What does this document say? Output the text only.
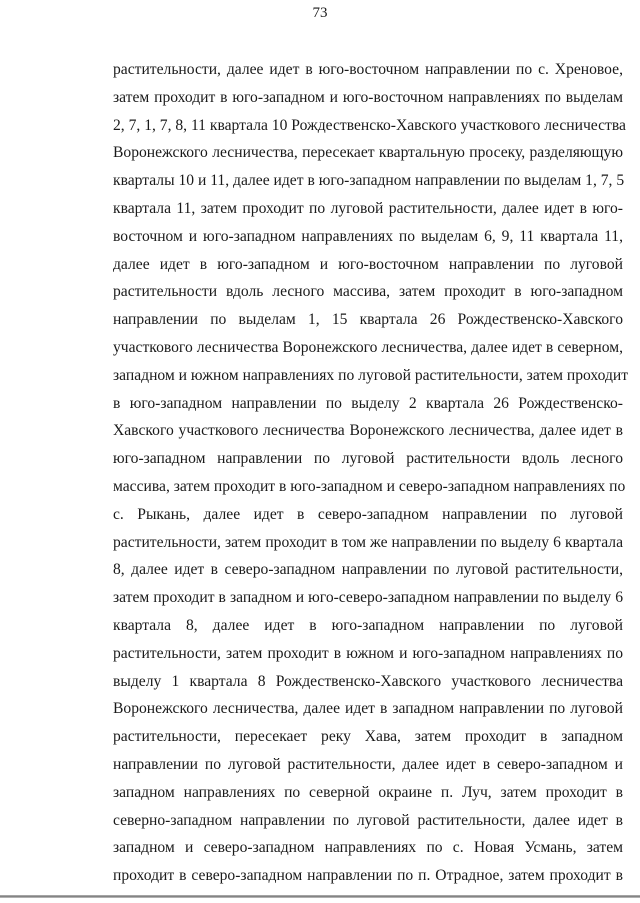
73
растительности, далее идет в юго-восточном направлении по с. Хреновое,
затем проходит в юго-западном и юго-восточном направлениях по выделам
2, 7, 1, 7, 8, 11 квартала 10 Рождественско-Хавского участкового лесничества
Воронежского лесничества, пересекает квартальную просеку, разделяющую
кварталы 10 и 11, далее идет в юго-западном направлении по выделам 1, 7, 5
квартала 11, затем проходит по луговой растительности, далее идет в юго-
восточном и юго-западном направлениях по выделам 6, 9, 11 квартала 11,
далее идет в юго-западном и юго-восточном направлении по луговой
растительности вдоль лесного массива, затем проходит в юго-западном
направлении по выделам 1, 15 квартала 26 Рождественско-Хавского
участкового лесничества Воронежского лесничества, далее идет в северном,
западном и южном направлениях по луговой растительности, затем проходит
в юго-западном направлении по выделу 2 квартала 26 Рождественско-
Хавского участкового лесничества Воронежского лесничества, далее идет в
юго-западном направлении по луговой растительности вдоль лесного
массива, затем проходит в юго-западном и северо-западном направлениях по
с. Рыкань, далее идет в северо-западном направлении по луговой
растительности, затем проходит в том же направлении по выделу 6 квартала
8, далее идет в северо-западном направлении по луговой растительности,
затем проходит в западном и юго-северо-западном направлении по выделу 6
квартала 8, далее идет в юго-западном направлении по луговой
растительности, затем проходит в южном и юго-западном направлениях по
выделу 1 квартала 8 Рождественско-Хавского участкового лесничества
Воронежского лесничества, далее идет в западном направлении по луговой
растительности, пересекает реку Хава, затем проходит в западном
направлении по луговой растительности, далее идет в северо-западном и
западном направлениях по северной окраине п. Луч, затем проходит в
северно-западном направлении по луговой растительности, далее идет в
западном и северо-западном направлениях по с. Новая Усмань, затем
проходит в северо-западном направлении по п. Отрадное, затем проходит в
